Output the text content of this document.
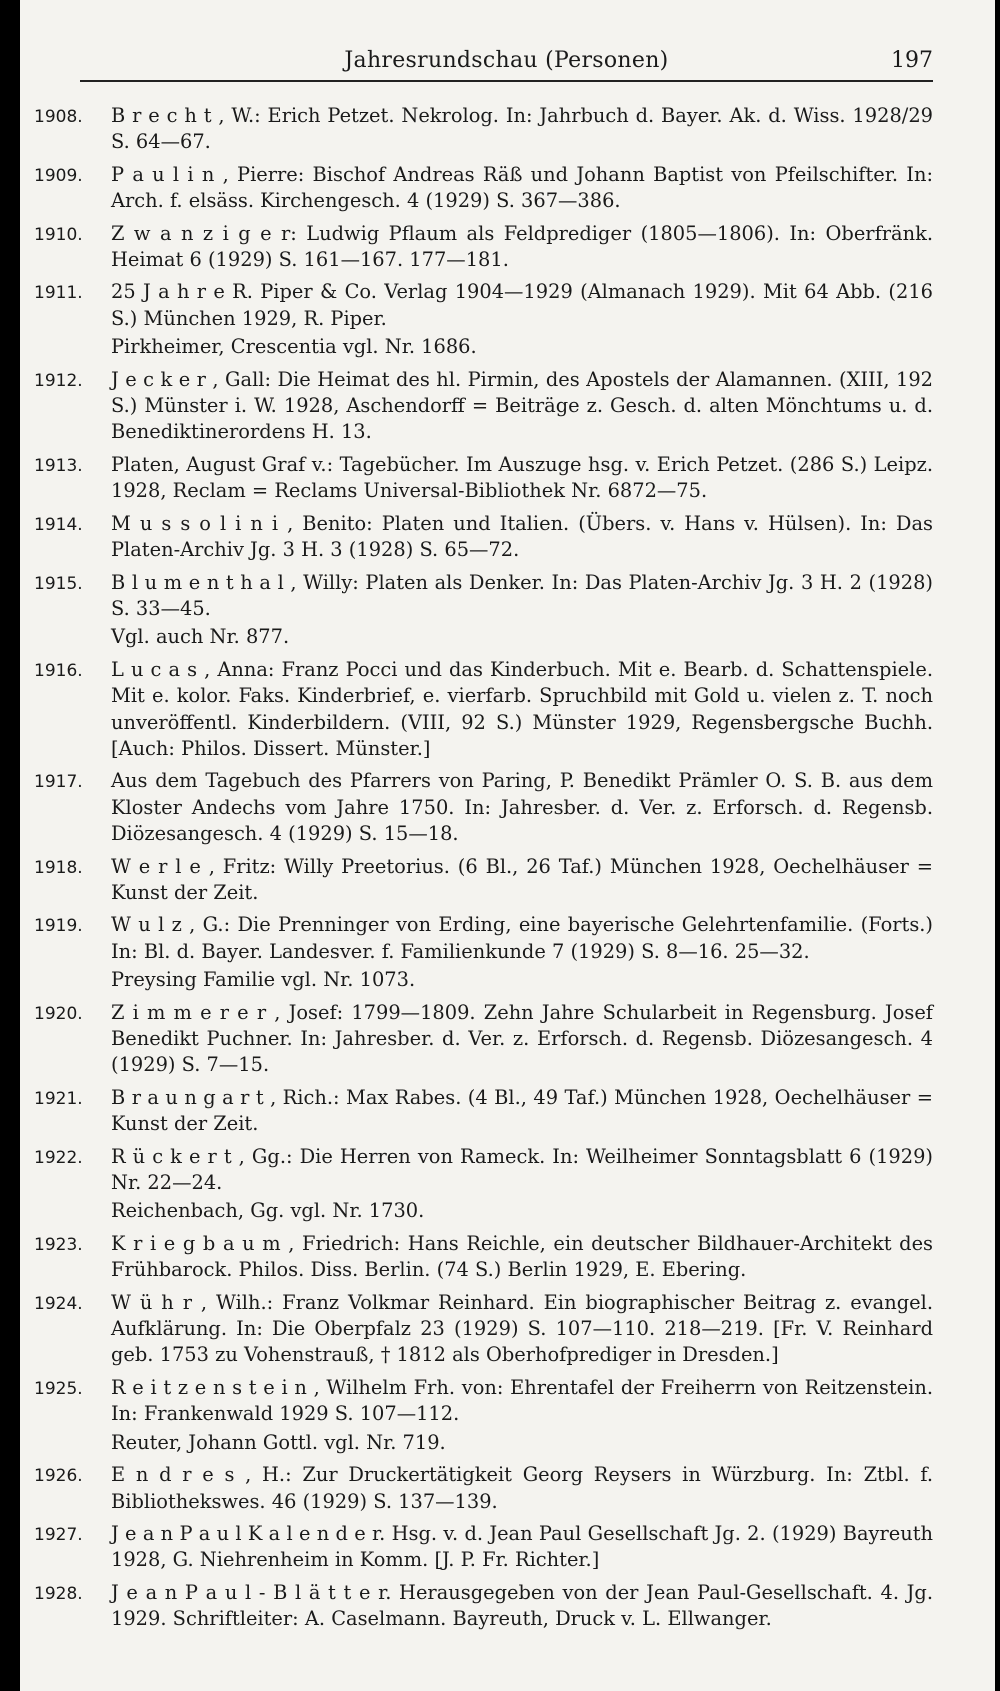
Jahresrundschau (Personen)	197
1908. B r e c h t , W.: Erich Petzet. Nekrolog. In: Jahrbuch d. Bayer. Ak. d. Wiss. 1928/29 S. 64—67.
1909. P a u l i n , Pierre: Bischof Andreas Räß und Johann Baptist von Pfeilschifter. In: Arch. f. elsäss. Kirchengesch. 4 (1929) S. 367—386.
1910. Z w a n z i g e r: Ludwig Pflaum als Feldprediger (1805—1806). In: Oberfränk. Heimat 6 (1929) S. 161—167. 177—181.
1911. 25 J a h r e R. Piper & Co. Verlag 1904—1929 (Almanach 1929). Mit 64 Abb. (216 S.) München 1929, R. Piper.
Pirkheimer, Crescentia vgl. Nr. 1686.
1912. J e c k e r , Gall: Die Heimat des hl. Pirmin, des Apostels der Alamannen. (XIII, 192 S.) Münster i. W. 1928, Aschendorff = Beiträge z. Gesch. d. alten Mönchtums u. d. Benediktinerordens H. 13.
1913. Platen, August Graf v.: Tagebücher. Im Auszuge hsg. v. Erich Petzet. (286 S.) Leipz. 1928, Reclam = Reclams Universal-Bibliothek Nr. 6872—75.
1914. M u s s o l i n i , Benito: Platen und Italien. (Übers. v. Hans v. Hülsen). In: Das Platen-Archiv Jg. 3 H. 3 (1928) S. 65—72.
1915. B l u m e n t h a l , Willy: Platen als Denker. In: Das Platen-Archiv Jg. 3 H. 2 (1928) S. 33—45.
Vgl. auch Nr. 877.
1916. L u c a s , Anna: Franz Pocci und das Kinderbuch. Mit e. Bearb. d. Schattenspiele. Mit e. kolor. Faks. Kinderbrief, e. vierfarb. Spruchbild mit Gold u. vielen z. T. noch unveröffentl. Kinderbildern. (VIII, 92 S.) Münster 1929, Regensbergsche Buchh. [Auch: Philos. Dissert. Münster.]
1917. Aus dem Tagebuch des Pfarrers von Paring, P. Benedikt Prämler O. S. B. aus dem Kloster Andechs vom Jahre 1750. In: Jahresber. d. Ver. z. Erforsch. d. Regensb. Diözesangesch. 4 (1929) S. 15—18.
1918. W e r l e , Fritz: Willy Preetorius. (6 Bl., 26 Taf.) München 1928, Oechelhäuser = Kunst der Zeit.
1919. W u l z , G.: Die Prenninger von Erding, eine bayerische Gelehrtenfamilie. (Forts.) In: Bl. d. Bayer. Landesver. f. Familienkunde 7 (1929) S. 8—16. 25—32.
Preysing Familie vgl. Nr. 1073.
1920. Z i m m e r e r , Josef: 1799—1809. Zehn Jahre Schularbeit in Regensburg. Josef Benedikt Puchner. In: Jahresber. d. Ver. z. Erforsch. d. Regensb. Diözesangesch. 4 (1929) S. 7—15.
1921. B r a u n g a r t , Rich.: Max Rabes. (4 Bl., 49 Taf.) München 1928, Oechelhäuser = Kunst der Zeit.
1922. R ü c k e r t , Gg.: Die Herren von Rameck. In: Weilheimer Sonntagsblatt 6 (1929) Nr. 22—24.
Reichenbach, Gg. vgl. Nr. 1730.
1923. K r i e g b a u m , Friedrich: Hans Reichle, ein deutscher Bildhauer-Architekt des Frühbarock. Philos. Diss. Berlin. (74 S.) Berlin 1929, E. Ebering.
1924. W ü h r , Wilh.: Franz Volkmar Reinhard. Ein biographischer Beitrag z. evangel. Aufklärung. In: Die Oberpfalz 23 (1929) S. 107—110. 218—219. [Fr. V. Reinhard geb. 1753 zu Vohenstrauß, † 1812 als Oberhofprediger in Dresden.]
1925. R e i t z e n s t e i n , Wilhelm Frh. von: Ehrentafel der Freiherrn von Reitzenstein. In: Frankenwald 1929 S. 107—112.
Reuter, Johann Gottl. vgl. Nr. 719.
1926. E n d r e s , H.: Zur Druckertätigkeit Georg Reysers in Würzburg. In: Ztbl. f. Bibliothekswes. 46 (1929) S. 137—139.
1927. J e a n P a u l K a l e n d e r. Hsg. v. d. Jean Paul Gesellschaft Jg. 2. (1929) Bayreuth 1928, G. Niehrenheim in Komm. [J. P. Fr. Richter.]
1928. J e a n P a u l - B l ä t t e r. Herausgegeben von der Jean Paul-Gesellschaft. 4. Jg. 1929. Schriftleiter: A. Caselmann. Bayreuth, Druck v. L. Ellwanger.
